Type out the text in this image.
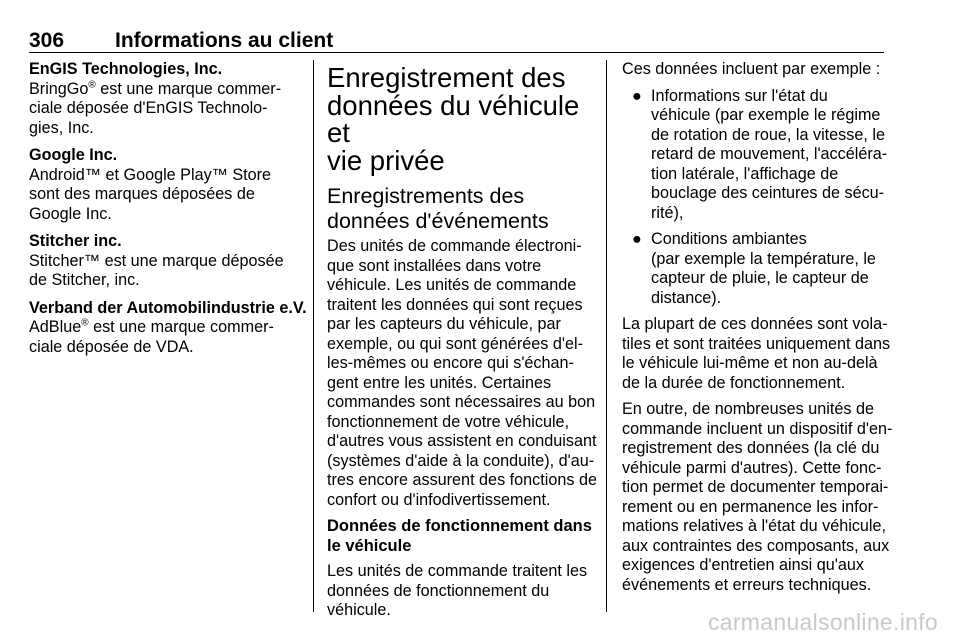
306 Informations au client
EnGIS Technologies, Inc.
BringGo® est une marque commer-
ciale déposée d'EnGIS Technolo-
gies, Inc.
Google Inc.
Android™ et Google Play™ Store
sont des marques déposées de
Google Inc.
Stitcher inc.
Stitcher™ est une marque déposée
de Stitcher, inc.
Verband der Automobilindustrie e.V.
AdBlue® est une marque commer-
ciale déposée de VDA.
Enregistrement des
données du véhicule et
vie privée
Enregistrements des
données d'événements

Des unités de commande électroni-
que sont installées dans votre
véhicule. Les unités de commande
traitent les données qui sont reçues
par les capteurs du véhicule, par
exemple, ou qui sont générées d'el-
les-mêmes ou encore qui s'échan-
gent entre les unités. Certaines
commandes sont nécessaires au bon
fonctionnement de votre véhicule,
d'autres vous assistent en conduisant
(systèmes d'aide à la conduite), d'au-
tres encore assurent des fonctions de
confort ou d'infodivertissement.

Données de fonctionnement dans
le véhicule

Les unités de commande traitent les
données de fonctionnement du
véhicule.

Ces données incluent par exemple :

● Informations sur l'état du
véhicule (par exemple le régime
de rotation de roue, la vitesse, le
retard de mouvement, l'accéléra-
tion latérale, l'affichage de
bouclage des ceintures de sécu-
rité),
● Conditions ambiantes
(par exemple la température, le
capteur de pluie, le capteur de
distance).

La plupart de ces données sont vola-
tiles et sont traitées uniquement dans
le véhicule lui-même et non au-delà
de la durée de fonctionnement.

En outre, de nombreuses unités de
commande incluent un dispositif d'en-
registrement des données (la clé du
véhicule parmi d'autres). Cette fonc-
tion permet de documenter temporai-
rement ou en permanence les infor-
mations relatives à l'état du véhicule,
aux contraintes des composants, aux
exigences d'entretien ainsi qu'aux
événements et erreurs techniques.

carmanualsonline.info
